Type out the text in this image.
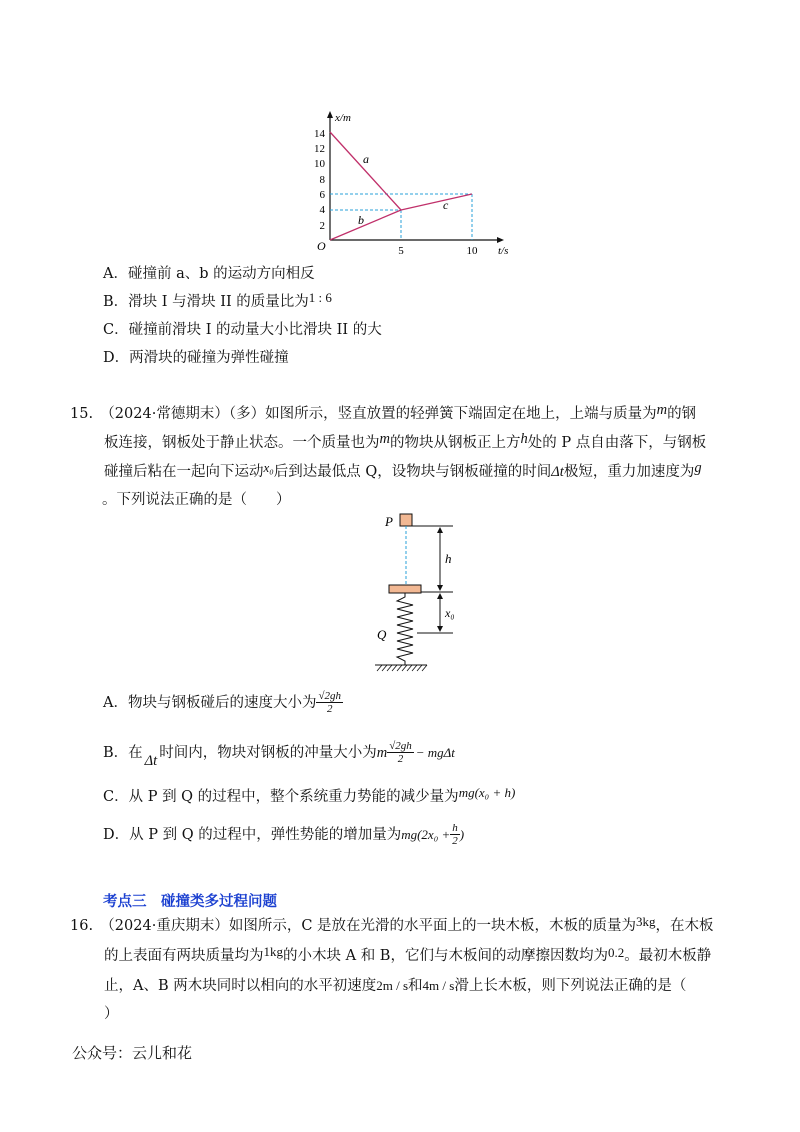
x/m
t/s
O
14
12
10
8
6
4
2
5	10
a
b
c
A．碰撞前 a、b 的运动方向相反
B．滑块 I 与滑块 II 的质量比为1 : 6
C．碰撞前滑块 I 的动量大小比滑块 II 的大
D．两滑块的碰撞为弹性碰撞
15.　（2024·常德期末）（多）如图所示，竖直放置的轻弹簧下端固定在地上，上端与质量为m的钢
板连接，钢板处于静止状态。一个质量也为m的物块从钢板正上方h处的 P 点自由落下，与钢板
碰撞后粘在一起向下运动x₀后到达最低点 Q，设物块与钢板碰撞的时间Δt极短，重力加速度为g
。下列说法正确的是（　　）
P
h
x₀
Q
A．物块与钢板碰后的速度大小为 $\frac{√2gh}{2}$
B．在 Δt 时间内，物块对钢板的冲量大小为 m $\frac{√2gh}{2} - mg\Delta t$
C．从 P 到 Q 的过程中，整个系统重力势能的减少量为mg(x₀ + h)
D．从 P 到 Q 的过程中，弹性势能的增加量为 $mg(2x_0 + \frac{h}{2}$ )
考点三　碰撞类多过程问题
16.　（2024·重庆期末）如图所示，C 是放在光滑的水平面上的一块木板，木板的质量为3kg，在木板
的上表面有两块质量均为1kg的小木块 A 和 B，它们与木板间的动摩擦因数均为0.2。最初木板静
止，A、B 两木块同时以相向的水平初速度2m / s和4m / s滑上长木板，则下列说法正确的是（
）
公众号：云儿和花
